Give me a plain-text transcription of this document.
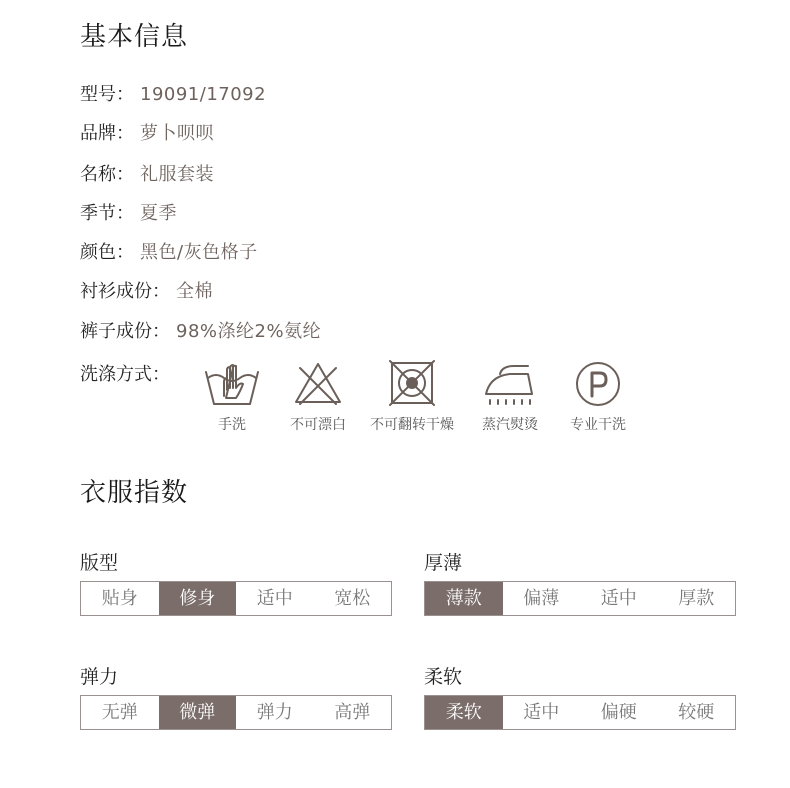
基本信息
型号： 19091/17092
品牌： 萝卜呗呗
名称： 礼服套装
季节： 夏季
颜色： 黑色/灰色格子
衬衫成份： 全棉
裤子成份： 98%涤纶2%氨纶
洗涤方式：
手洗	不可漂白	不可翻转干燥	蒸汽熨烫	专业干洗
衣服指数
版型
贴身	修身	适中	宽松
厚薄
薄款	偏薄	适中	厚款
弹力
无弹	微弹	弹力	高弹
柔软
柔软	适中	偏硬	较硬
